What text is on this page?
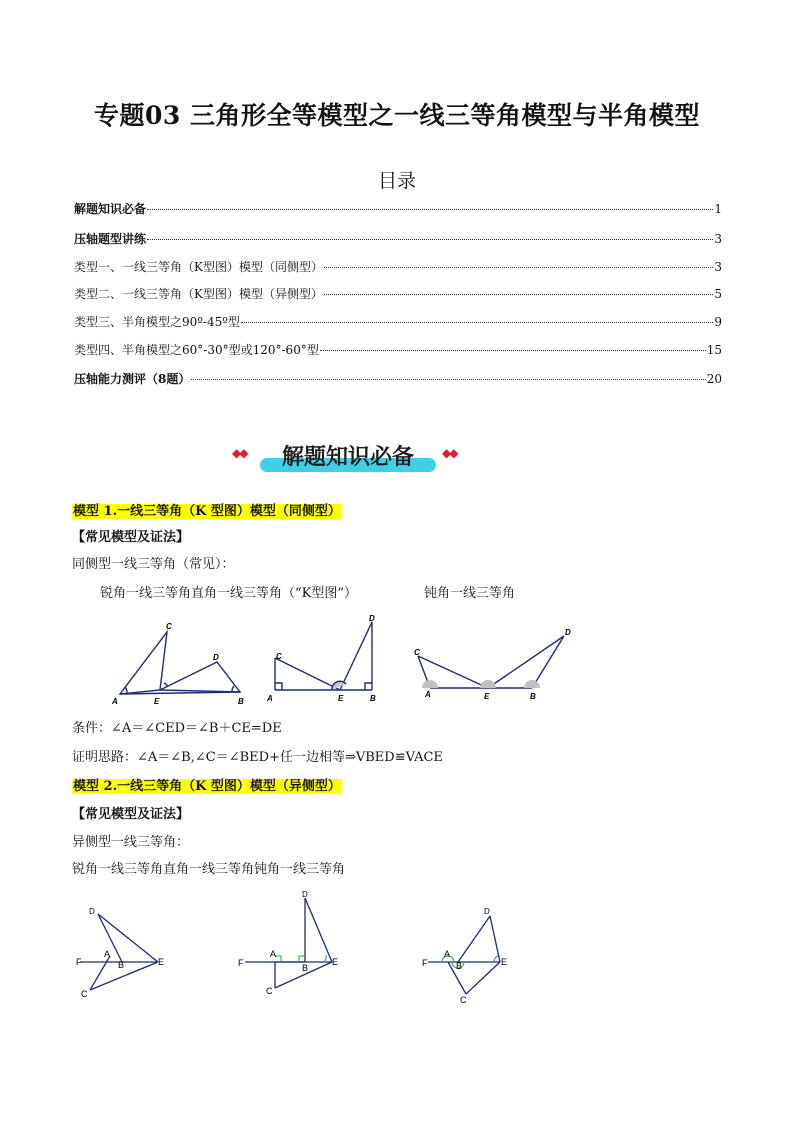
专题03 三角形全等模型之一线三等角模型与半角模型
目录
解题知识必备	1
压轴题型讲练	3
类型一、一线三等角（K型图）模型（同侧型）	3
类型二、一线三等角（K型图）模型（异侧型）	5
类型三、半角模型之90º-45º型	9
类型四、半角模型之60°-30°型或120°-60°型	15
压轴能力测评（8题）	20
◆◆	解题知识必备	◆◆
模型 1.一线三等角（K 型图）模型（同侧型）
【常见模型及证法】
同侧型一线三等角（常见）：
锐角一线三等角直角一线三等角（“K型图”）	钝角一线三等角
A	B
C
D
E	A	B
C
D
E	A	B
C
D
E
条件：∠A＝∠CED＝∠B＋CE=DE
证明思路：∠A＝∠B,∠C＝∠BED+任一边相等⇒VBED≌VACE
模型 2.一线三等角（K 型图）模型（异侧型）
【常见模型及证法】
异侧型一线三等角：
锐角一线三等角直角一线三等角钝角一线三等角
D
F
A
B	E
C
D
F
A
B
E
C
D
F
A
B	E
C
